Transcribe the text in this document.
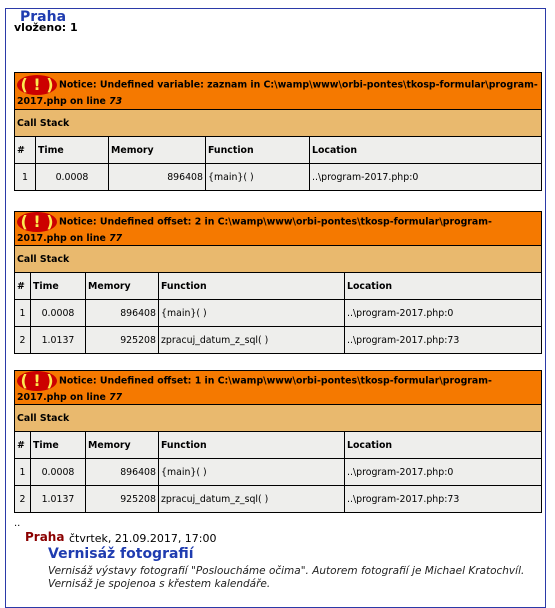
Praha
vloženo: 1
( ! ) Notice: Undefined variable: zaznam in C:\wamp\www\orbi-pontes\tkosp-formular\program-2017.php on line 73				
Call Stack				
#	Time	Memory	Function	Location
1	0.0008	896408	{main}( )	..\program-2017.php:0
( ! ) Notice: Undefined offset: 2 in C:\wamp\www\orbi-pontes\tkosp-formular\program-2017.php on line 77				
Call Stack				
#	Time	Memory	Function	Location
1	0.0008	896408	{main}( )	..\program-2017.php:0
2	1.0137	925208	zpracuj_datum_z_sql( )	..\program-2017.php:73
( ! ) Notice: Undefined offset: 1 in C:\wamp\www\orbi-pontes\tkosp-formular\program-2017.php on line 77				
Call Stack				
#	Time	Memory	Function	Location
1	0.0008	896408	{main}( )	..\program-2017.php:0
2	1.0137	925208	zpracuj_datum_z_sql( )	..\program-2017.php:73
..
Praha čtvrtek, 21.09.2017, 17:00
Vernisáž fotografií
Vernisáž výstavy fotografií "Posloucháme očima". Autorem fotografií je Michael Kratochvíl. Vernisáž je spojenoa s křestem kalendáře.
